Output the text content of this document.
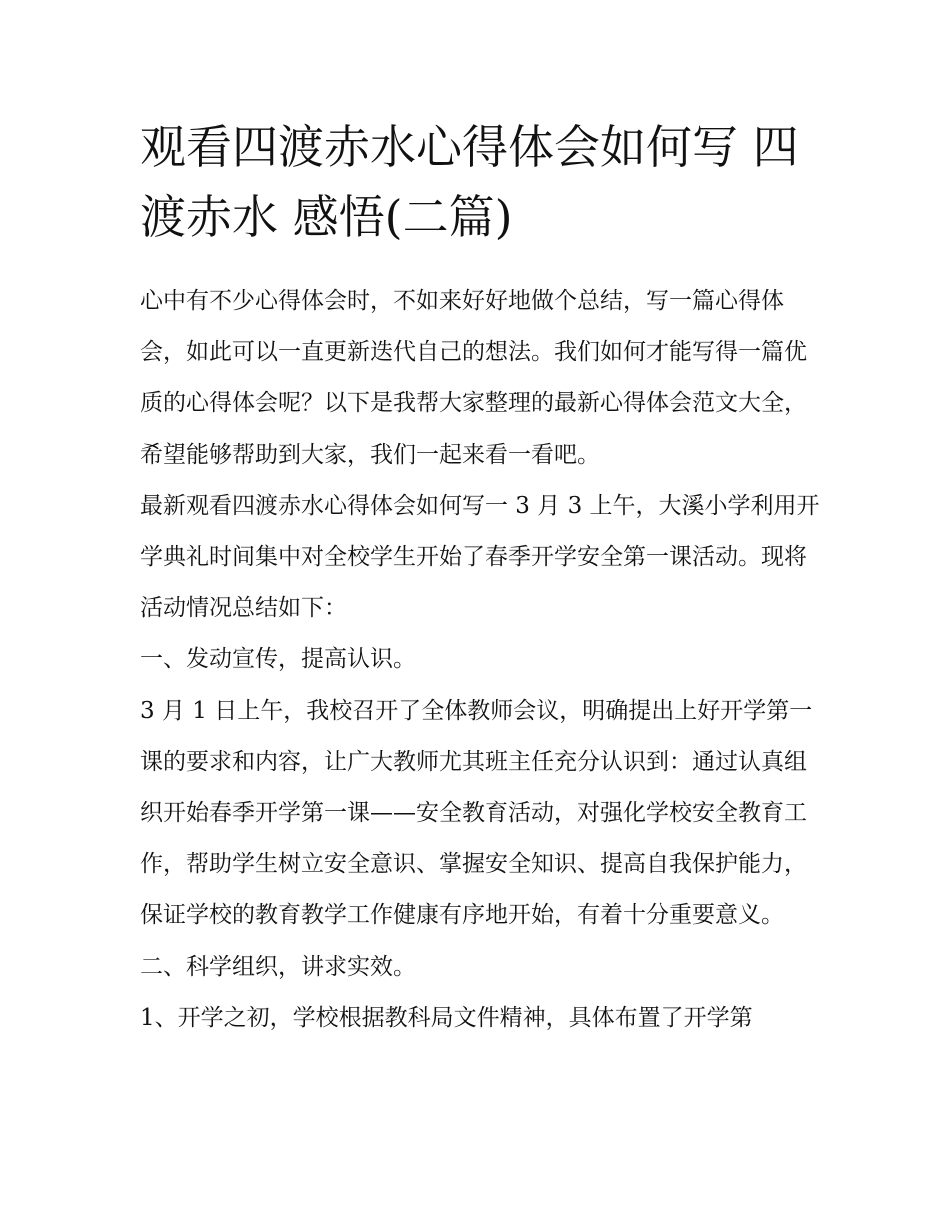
观看四渡赤水心得体会如何写 四渡赤水 感悟(二篇)

心中有不少心得体会时，不如来好好地做个总结，写一篇心得体会，如此可以一直更新迭代自己的想法。我们如何才能写得一篇优质的心得体会呢？以下是我帮大家整理的最新心得体会范文大全，希望能够帮助到大家，我们一起来看一看吧。

最新观看四渡赤水心得体会如何写一 3 月 3 上午，大溪小学利用开学典礼时间集中对全校学生开始了春季开学安全第一课活动。现将活动情况总结如下：

一、发动宣传，提高认识。

3 月 1 日上午，我校召开了全体教师会议，明确提出上好开学第一课的要求和内容，让广大教师尤其班主任充分认识到：通过认真组织开始春季开学第一课——安全教育活动，对强化学校安全教育工作，帮助学生树立安全意识、掌握安全知识、提高自我保护能力，保证学校的教育教学工作健康有序地开始，有着十分重要意义。

二、科学组织，讲求实效。

1、开学之初，学校根据教科局文件精神，具体布置了开学第
